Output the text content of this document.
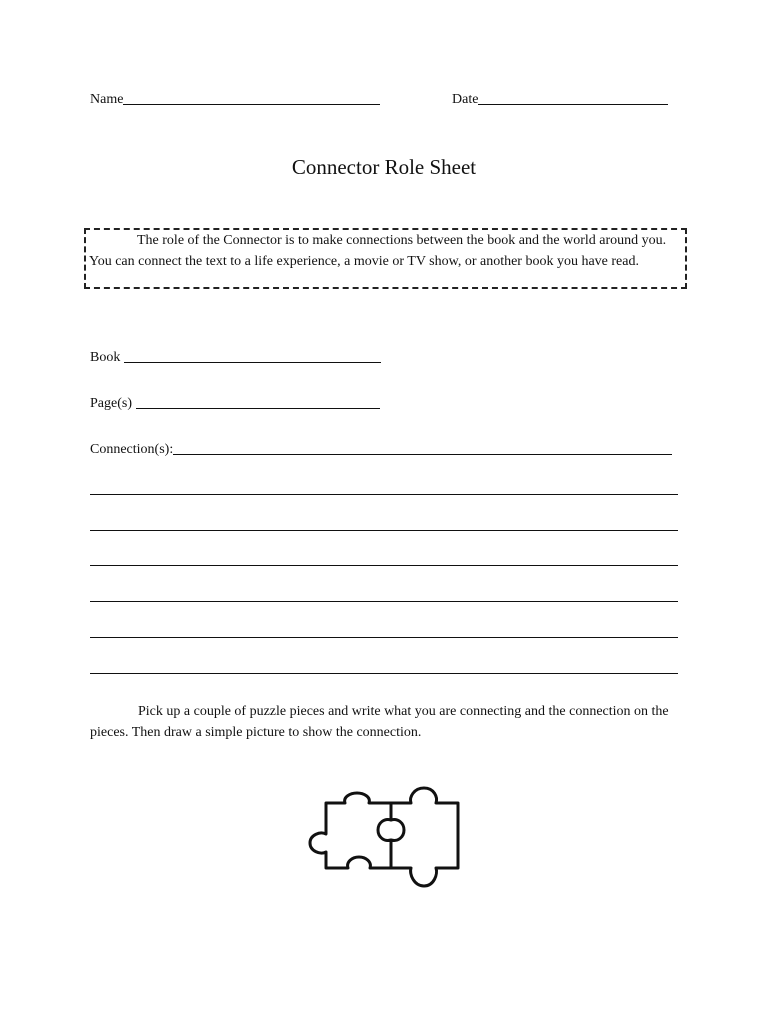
Name	Date
Connector Role Sheet
The role of the Connector is to make connections between the book and the world around you. You can connect the text to a life experience, a movie or TV show, or another book you have read.
Book
Page(s)
Connection(s):
Pick up a couple of puzzle pieces and write what you are connecting and the connection on the pieces. Then draw a simple picture to show the connection.
